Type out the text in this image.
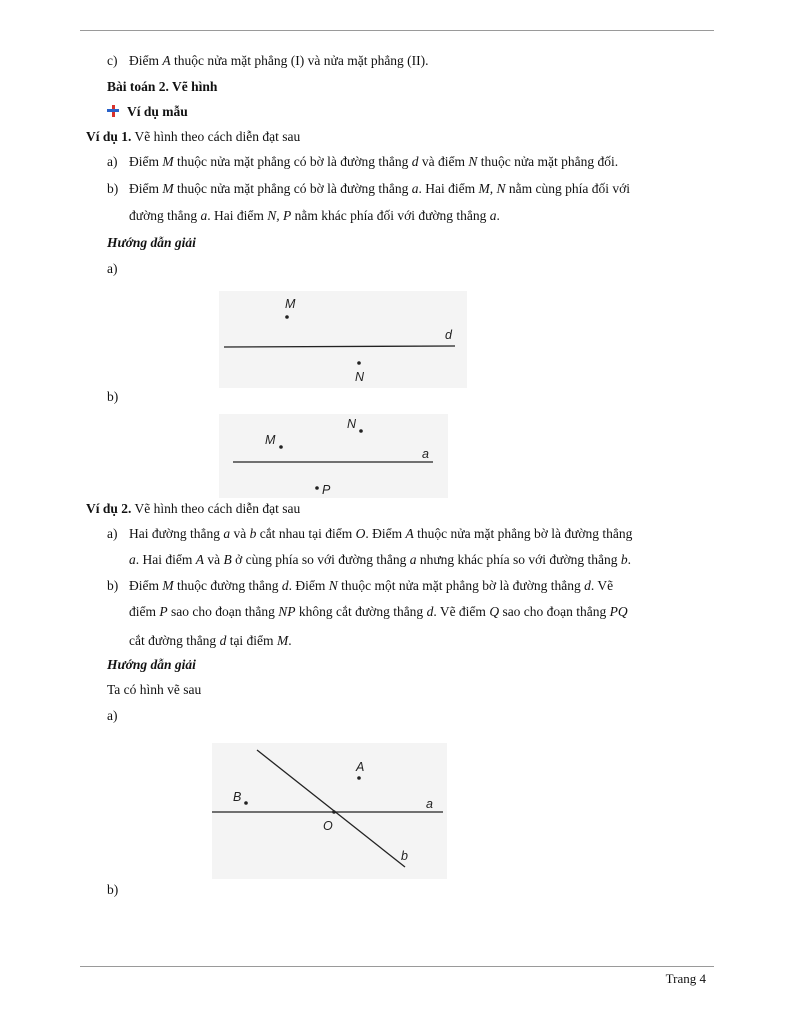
c) Điểm A thuộc nửa mặt phẳng (I) và nửa mặt phẳng (II).
Bài toán 2. Vẽ hình
Ví dụ mẫu
Ví dụ 1. Vẽ hình theo cách diễn đạt sau
a) Điểm M thuộc nửa mặt phẳng có bờ là đường thẳng d và điểm N thuộc nửa mặt phẳng đối.
b) Điểm M thuộc nửa mặt phẳng có bờ là đường thẳng a. Hai điểm M, N nằm cùng phía đối với
đường thẳng a. Hai điểm N, P nằm khác phía đối với đường thẳng a.
Hướng dẫn giải
a)
M
d
N
b)
M
N
a
P
Ví dụ 2. Vẽ hình theo cách diễn đạt sau
a) Hai đường thẳng a và b cắt nhau tại điểm O. Điểm A thuộc nửa mặt phẳng bờ là đường thẳng
a. Hai điểm A và B ở cùng phía so với đường thẳng a nhưng khác phía so với đường thẳng b.
b) Điểm M thuộc đường thẳng d. Điểm N thuộc một nửa mặt phẳng bờ là đường thẳng d. Vẽ
điểm P sao cho đoạn thẳng NP không cắt đường thẳng d. Vẽ điểm Q sao cho đoạn thẳng PQ
cắt đường thẳng d tại điểm M.
Hướng dẫn giải
Ta có hình vẽ sau
a)
A
B	a
O
b
b)
Trang 4
